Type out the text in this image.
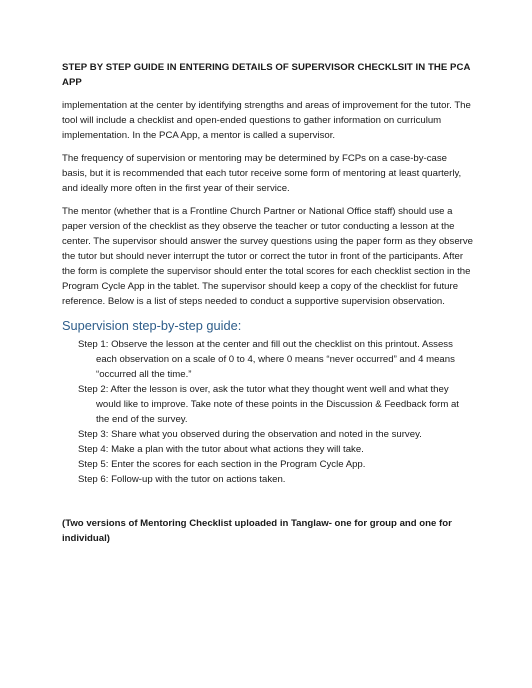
STEP BY STEP GUIDE IN ENTERING DETAILS OF SUPERVISOR CHECKLSIT IN THE PCA APP

implementation at the center by identifying strengths and areas of improvement for the tutor. The tool will include a checklist and open-ended questions to gather information on curriculum implementation. In the PCA App, a mentor is called a supervisor.

The frequency of supervision or mentoring may be determined by FCPs on a case-by-case basis, but it is recommended that each tutor receive some form of mentoring at least quarterly, and ideally more often in the first year of their service.

The mentor (whether that is a Frontline Church Partner or National Office staff) should use a paper version of the checklist as they observe the teacher or tutor conducting a lesson at the center. The supervisor should answer the survey questions using the paper form as they observe the tutor but should never interrupt the tutor or correct the tutor in front of the participants. After the form is complete the supervisor should enter the total scores for each checklist section in the Program Cycle App in the tablet. The supervisor should keep a copy of the checklist for future reference. Below is a list of steps needed to conduct a supportive supervision observation.

Supervision step-by-step guide:
Step 1: Observe the lesson at the center and fill out the checklist on this printout. Assess each observation on a scale of 0 to 4, where 0 means “never occurred” and 4 means “occurred all the time.”
Step 2: After the lesson is over, ask the tutor what they thought went well and what they would like to improve. Take note of these points in the Discussion & Feedback form at the end of the survey.
Step 3: Share what you observed during the observation and noted in the survey.
Step 4: Make a plan with the tutor about what actions they will take.
Step 5: Enter the scores for each section in the Program Cycle App.
Step 6: Follow-up with the tutor on actions taken.

(Two versions of Mentoring Checklist uploaded in Tanglaw- one for group and one for individual)
